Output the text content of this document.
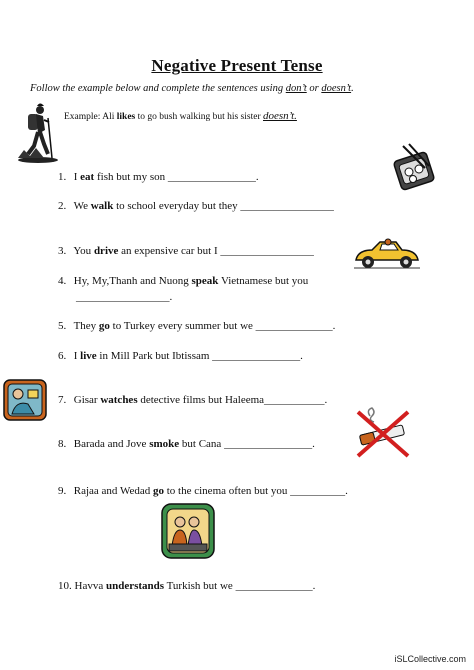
Negative Present Tense
Follow the example below and complete the sentences using don’t or doesn’t.
Example: Ali likes to go bush walking but his sister doesn’t.
1. I eat fish but my son ________________.
2. We walk to school everyday but they _________________
3. You drive an expensive car but I _________________
4. Hy, My,Thanh and Nuong speak Vietnamese but you
_________________.
5. They go to Turkey every summer but we ______________.
6. I live in Mill Park but Ibtissam ________________.
7. Gisar watches detective films but Haleema___________.
8. Barada and Jove smoke but Cana ________________.
9. Rajaa and Wedad go to the cinema often but you __________.
10. Havva understands Turkish but we ______________.
iSLCollective.com
